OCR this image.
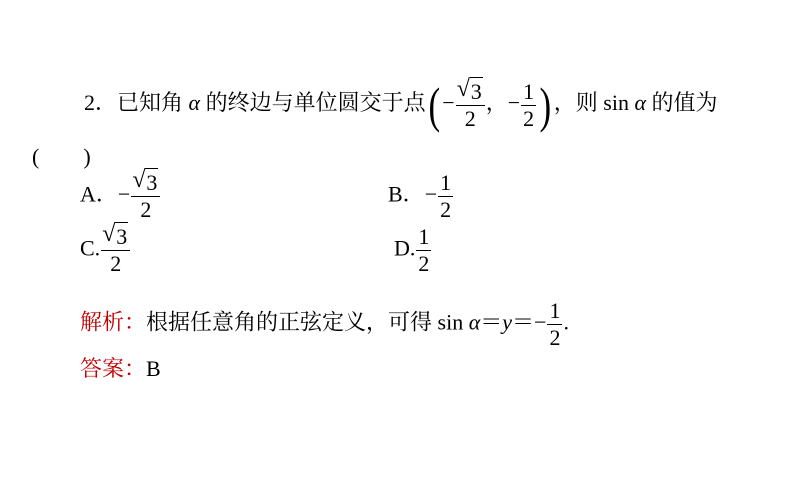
2．已知角 α 的终边与单位圆交于点( − $\frac{√ 3}{2}$ ，− $\frac{1}{2}$ ) ，则 sin α 的值为
(　　)
A．− $\frac{√ 3}{2}$	B．− $\frac{1}{2}$
C. $\frac{√ 3}{2}$	D. $\frac{1}{2}$
解析：根据任意角的正弦定义，可得 $\sin \alpha=y=- \frac{1}{2}$ .
答案：B
